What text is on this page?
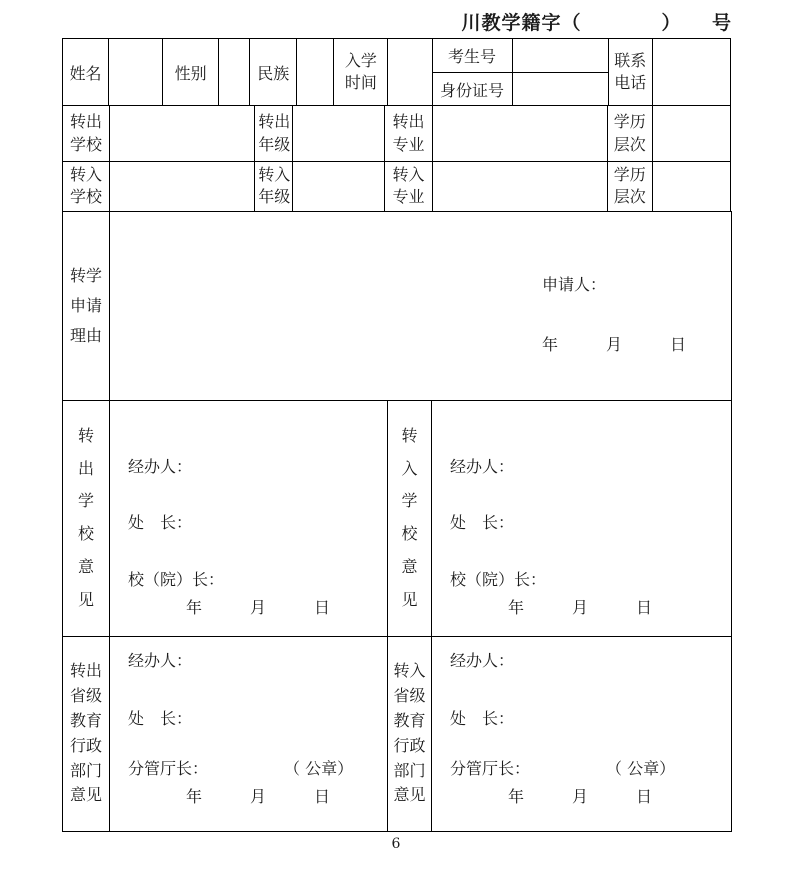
川教学籍字（　　　　）　　号
姓名		性别		民族		入学时间		考生号		联系电话	
								身份证号			
转出学校		转出年级		转出专业		学历层次	
转入学校		转入年级		转入专业		学历层次	
转学申请理由	

申请人：

年　　　月　　　日

转出学校意见	
经办人：
处　长：
校（院）长：
年　　　月　　　日
	转入学校意见	
经办人：
处　长：
校（院）长：
年　　　月　　　日
转出省级教育行政部门意见	
经办人：
处　长：
分管厅长：	（ 公章）
年　　　月　　　日
	转入省级教育行政部门意见	
经办人：
处　长：
分管厅长：	（ 公章）
年　　　月　　　日
6
